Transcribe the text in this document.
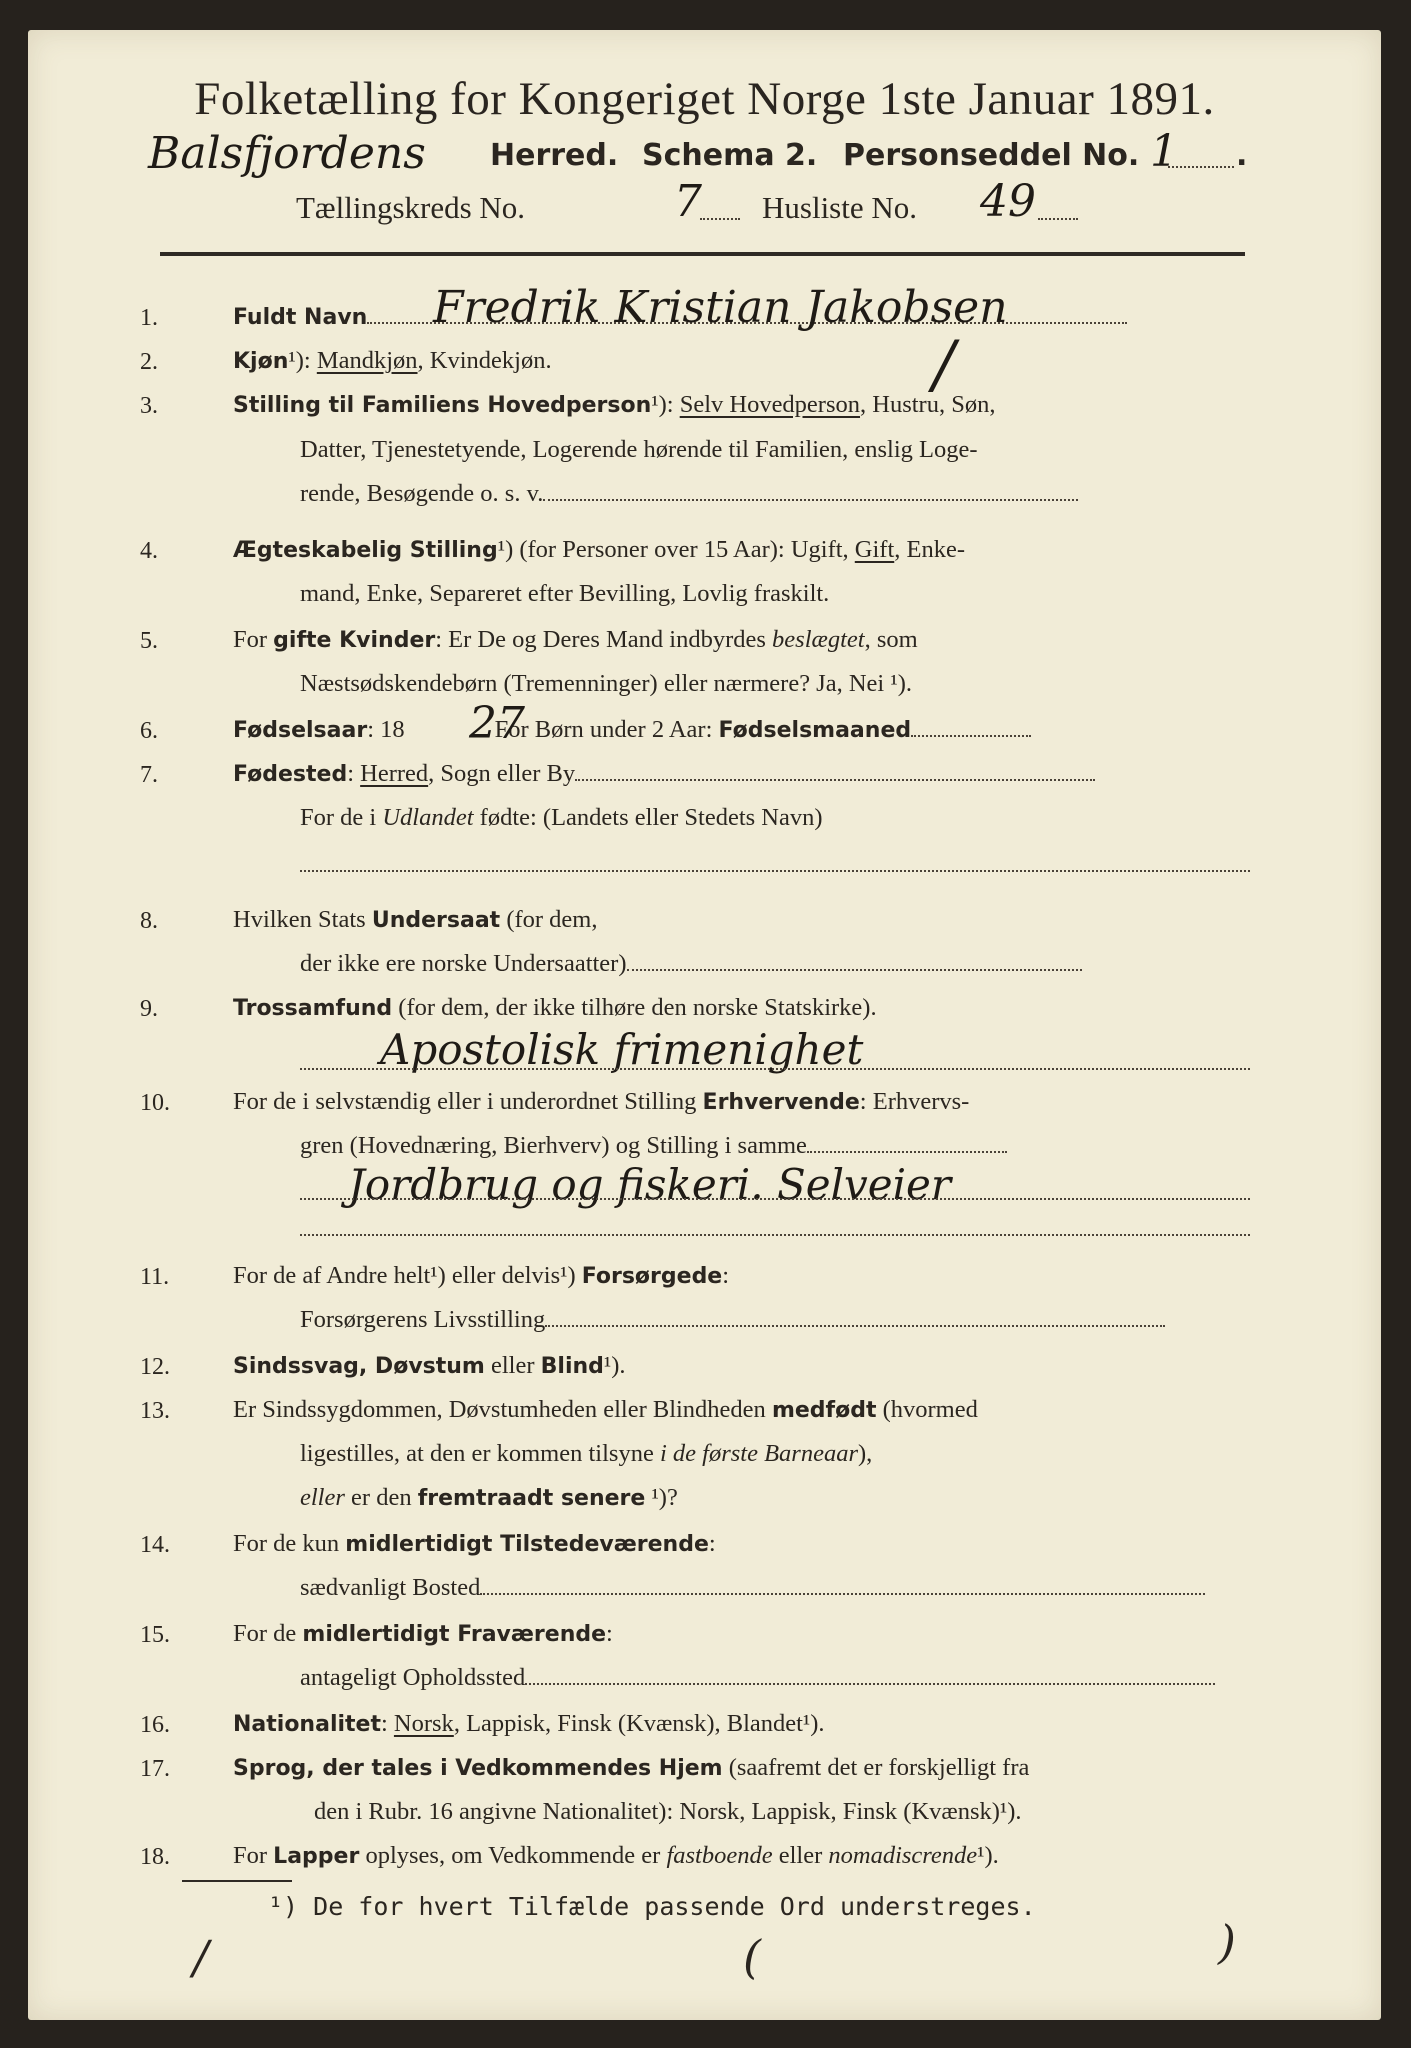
Folketælling for Kongeriget Norge 1ste Januar 1891.
Balsfjordens Herred. Schema 2. Personseddel No. 1 .
Tællingskreds No.	7 Husliste No. 49
1.	Fuldt Navn	Fredrik Kristian Jakobsen
2.	Kjøn¹): Mandkjøn, Kvindekjøn.	/
3.	Stilling til Familiens Hovedperson¹): Selv Hovedperson, Hustru, Søn,
Datter, Tjenestetyende, Logerende hørende til Familien, enslig Loge-
rende, Besøgende o. s. v.
4.	Ægteskabelig Stilling¹) (for Personer over 15 Aar): Ugift, Gift, Enke-
mand, Enke, Separeret efter Bevilling, Lovlig fraskilt.
5.	For gifte Kvinder: Er De og Deres Mand indbyrdes beslægtet, som
Næstsødskendebørn (Tremenninger) eller nærmere? Ja, Nei ¹).
6.	Fødselsaar: 18	For Børn under 2 Aar: Fødselsmaaned
27
7.	Fødested: Herred, Sogn eller By
For de i Udlandet fødte: (Landets eller Stedets Navn)
8.	Hvilken Stats Undersaat (for dem,
der ikke ere norske Undersaatter)
9.	Trossamfund (for dem, der ikke tilhøre den norske Statskirke).
Apostolisk frimenighet
10.	For de i selvstændig eller i underordnet Stilling Erhvervende: Erhvervs-
gren (Hovednæring, Bierhverv) og Stilling i samme
Jordbrug og fiskeri. Selveier
11.	For de af Andre helt¹) eller delvis¹) Forsørgede:
Forsørgerens Livsstilling
12.	Sindssvag, Døvstum eller Blind¹).
13.	Er Sindssygdommen, Døvstumheden eller Blindheden medfødt (hvormed
ligestilles, at den er kommen tilsyne i de første Barneaar),
eller er den fremtraadt senere ¹)?
14.	For de kun midlertidigt Tilstedeværende:
sædvanligt Bosted
15.	For de midlertidigt Fraværende:
antageligt Opholdssted
16.	Nationalitet: Norsk, Lappisk, Finsk (Kvænsk), Blandet¹).
17.	Sprog, der tales i Vedkommendes Hjem (saafremt det er forskjelligt fra
den i Rubr. 16 angivne Nationalitet): Norsk, Lappisk, Finsk (Kvænsk)¹).
18.	For Lapper oplyses, om Vedkommende er fastboende eller nomadiscrende¹).
¹) De for hvert Tilfælde passende Ord understreges.
/	(	)
